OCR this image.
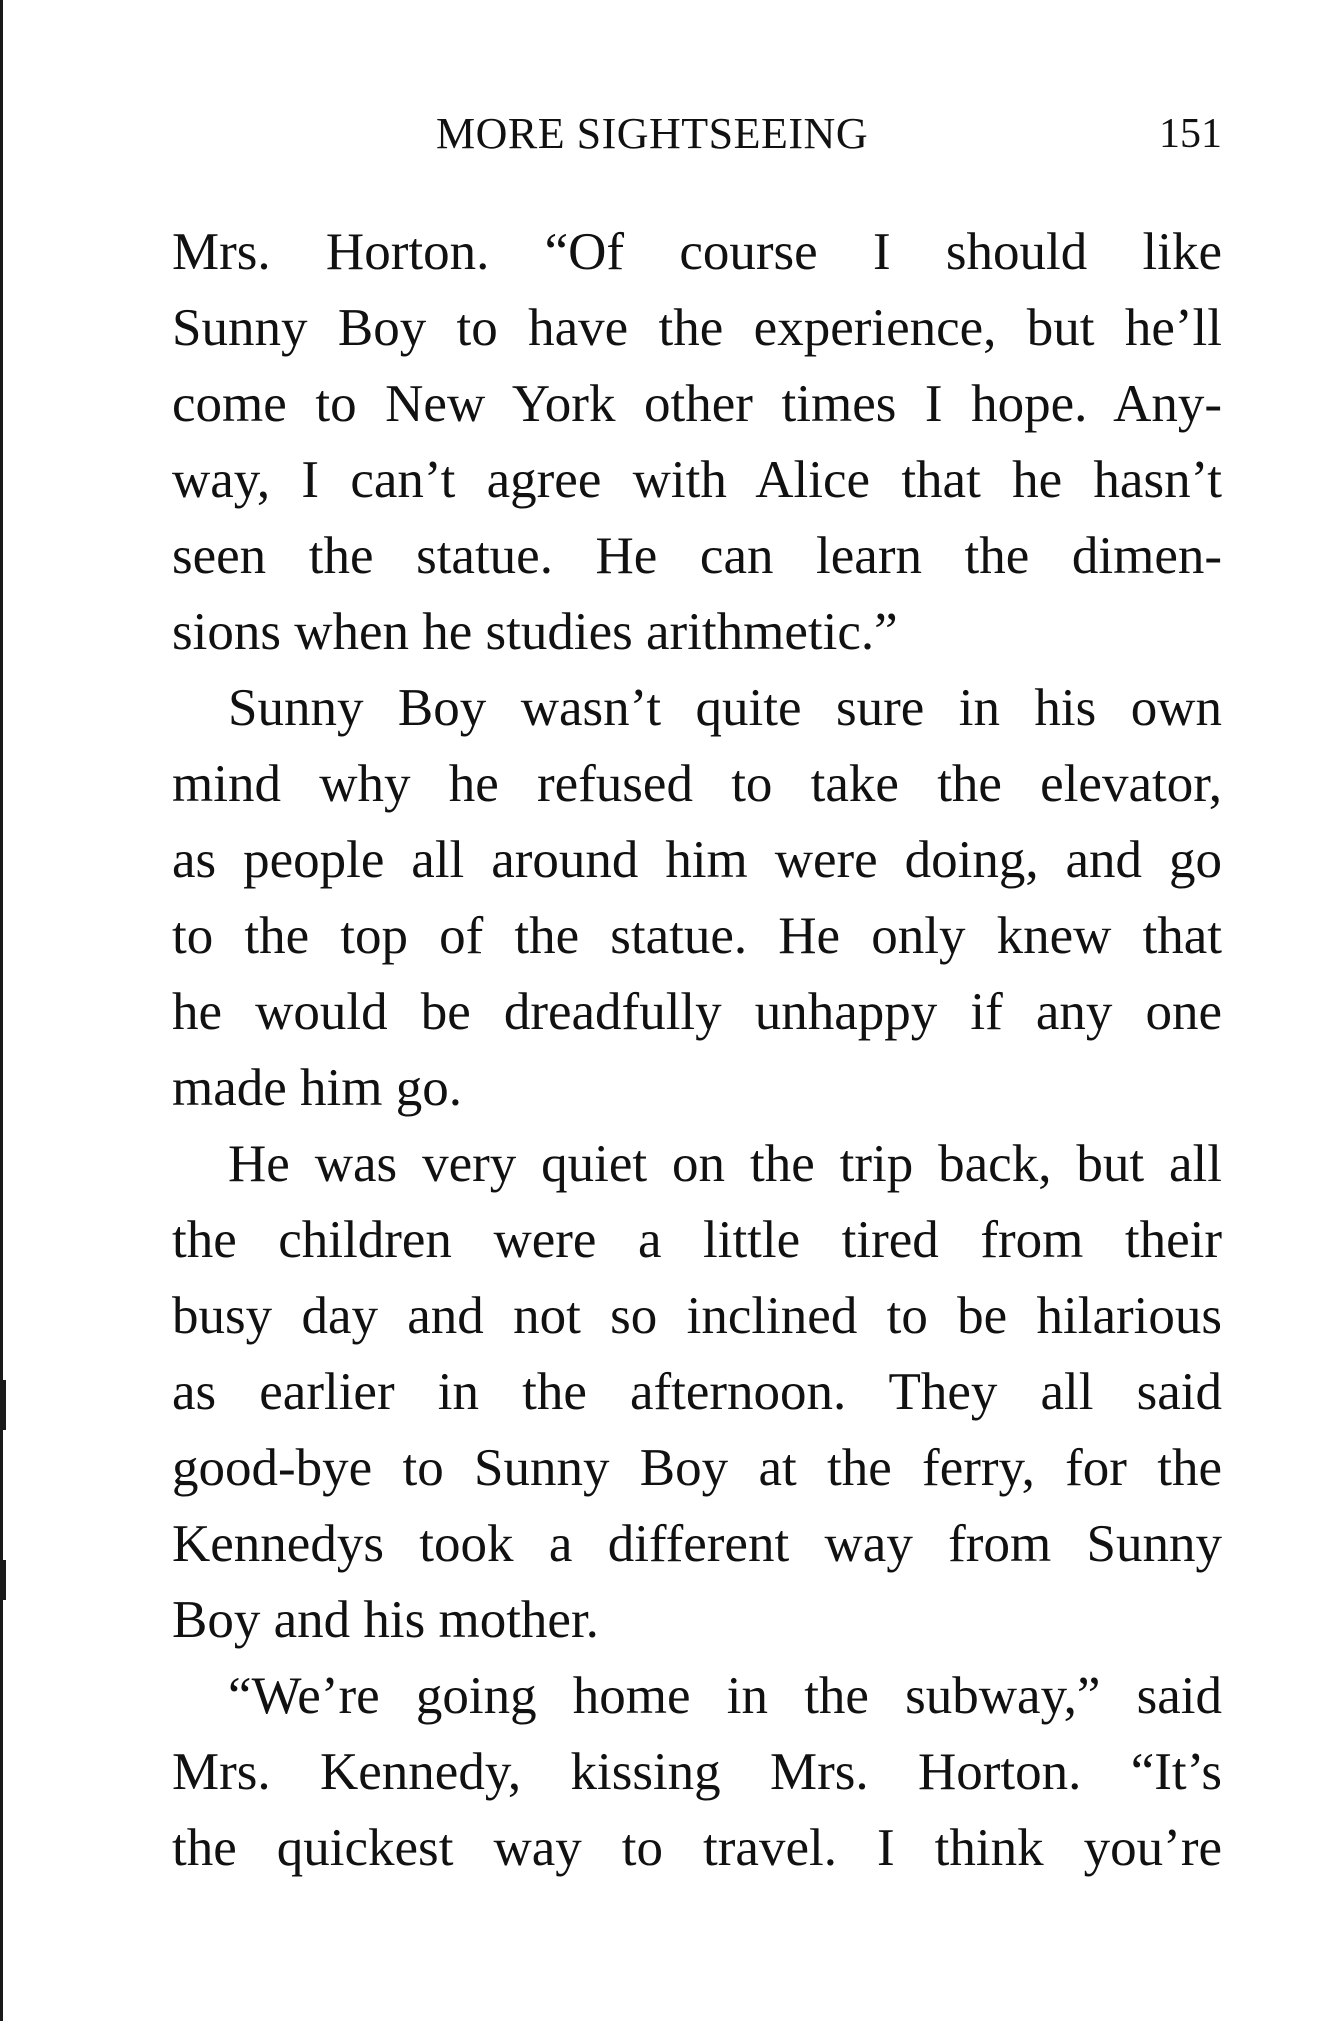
MORE SIGHTSEEING	151
Mrs. Horton. “Of course I should like
Sunny Boy to have the experience, but he’ll
come to New York other times I hope. Any-
way, I can’t agree with Alice that he hasn’t
seen the statue. He can learn the dimen-
sions when he studies arithmetic.”
Sunny Boy wasn’t quite sure in his own
mind why he refused to take the elevator,
as people all around him were doing, and go
to the top of the statue. He only knew that
he would be dreadfully unhappy if any one
made him go.
He was very quiet on the trip back, but all
the children were a little tired from their
busy day and not so inclined to be hilarious
as earlier in the afternoon. They all said
good-bye to Sunny Boy at the ferry, for the
Kennedys took a different way from Sunny
Boy and his mother.
“We’re going home in the subway,” said
Mrs. Kennedy, kissing Mrs. Horton. “It’s
the quickest way to travel. I think you’re
